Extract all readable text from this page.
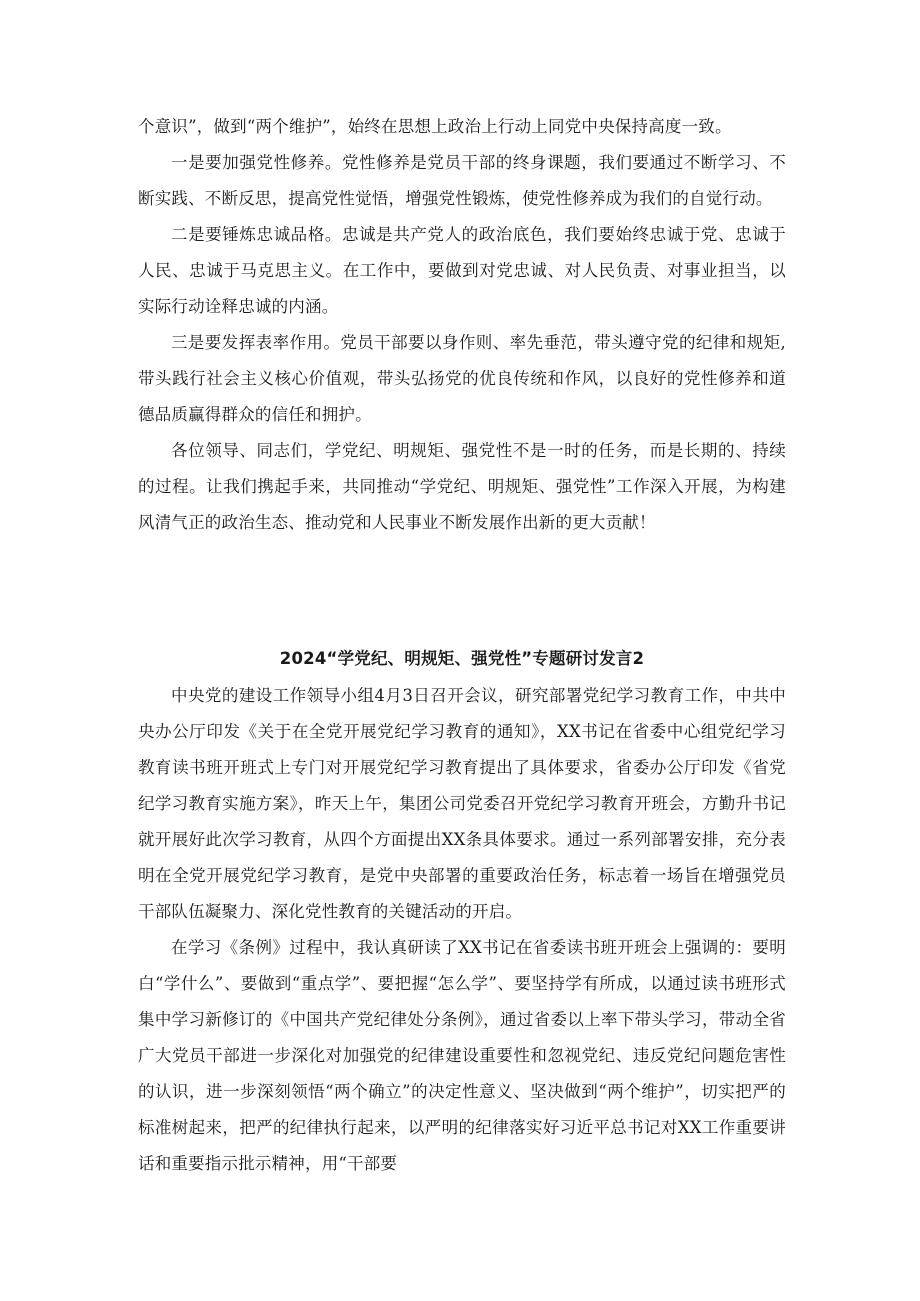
个意识”，做到“两个维护”，始终在思想上政治上行动上同党中央保持高度一致。

一是要加强党性修养。党性修养是党员干部的终身课题，我们要通过不断学习、不断实践、不断反思，提高党性觉悟，增强党性锻炼，使党性修养成为我们的自觉行动。

二是要锤炼忠诚品格。忠诚是共产党人的政治底色，我们要始终忠诚于党、忠诚于人民、忠诚于马克思主义。在工作中，要做到对党忠诚、对人民负责、对事业担当，以实际行动诠释忠诚的内涵。

三是要发挥表率作用。党员干部要以身作则、率先垂范，带头遵守党的纪律和规矩,带头践行社会主义核心价值观，带头弘扬党的优良传统和作风，以良好的党性修养和道德品质赢得群众的信任和拥护。

各位领导、同志们，学党纪、明规矩、强党性不是一时的任务，而是长期的、持续的过程。让我们携起手来，共同推动“学党纪、明规矩、强党性”工作深入开展，为构建风清气正的政治生态、推动党和人民事业不断发展作出新的更大贡献！

2024“学党纪、明规矩、强党性”专题研讨发言2

中央党的建设工作领导小组4月3日召开会议，研究部署党纪学习教育工作，中共中央办公厅印发《关于在全党开展党纪学习教育的通知》，XX书记在省委中心组党纪学习教育读书班开班式上专门对开展党纪学习教育提出了具体要求，省委办公厅印发《省党纪学习教育实施方案》，昨天上午，集团公司党委召开党纪学习教育开班会，方勤升书记就开展好此次学习教育，从四个方面提出XX条具体要求。通过一系列部署安排，充分表明在全党开展党纪学习教育，是党中央部署的重要政治任务，标志着一场旨在增强党员干部队伍凝聚力、深化党性教育的关键活动的开启。

在学习《条例》过程中，我认真研读了XX书记在省委读书班开班会上强调的：要明白“学什么”、要做到“重点学”、要把握“怎么学”、要坚持学有所成，以通过读书班形式集中学习新修订的《中国共产党纪律处分条例》，通过省委以上率下带头学习，带动全省广大党员干部进一步深化对加强党的纪律建设重要性和忽视党纪、违反党纪问题危害性的认识，进一步深刻领悟“两个确立”的决定性意义、坚决做到“两个维护”，切实把严的标准树起来，把严的纪律执行起来，以严明的纪律落实好习近平总书记对XX工作重要讲话和重要指示批示精神，用“干部要
